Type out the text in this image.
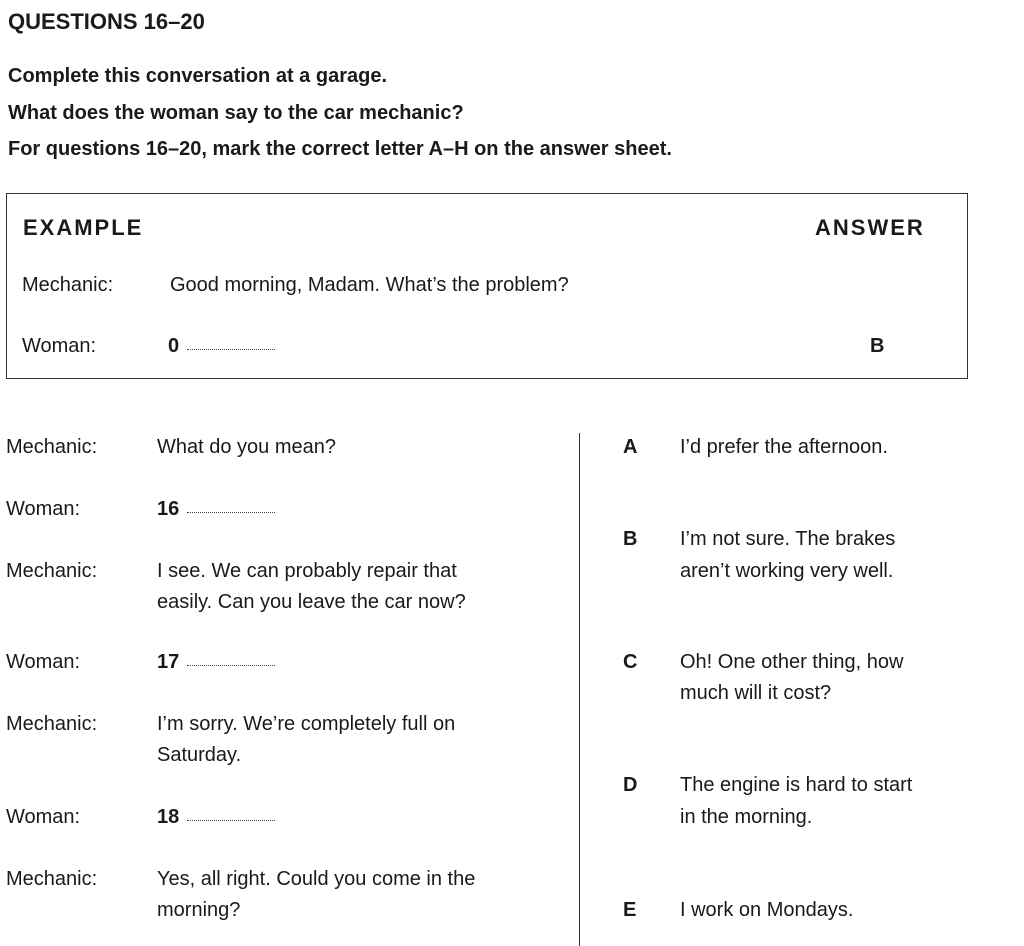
QUESTIONS 16–20
Complete this conversation at a garage.
What does the woman say to the car mechanic?
For questions 16–20, mark the correct letter A–H on the answer sheet.
EXAMPLE	ANSWER
Mechanic:	Good morning, Madam. What’s the problem?
Woman:	0	B
Mechanic:	What do you mean?
Woman:	16
Mechanic:	I see. We can probably repair that
easily. Can you leave the car now?
Woman:	17
Mechanic:	I’m sorry. We’re completely full on
Saturday.
Woman:	18
Mechanic:	Yes, all right. Could you come in the
morning?
A I’d prefer the afternoon.
B I’m not sure. The brakes
aren’t working very well.
C Oh! One other thing, how
much will it cost?
D The engine is hard to start
in the morning.
E I work on Mondays.
